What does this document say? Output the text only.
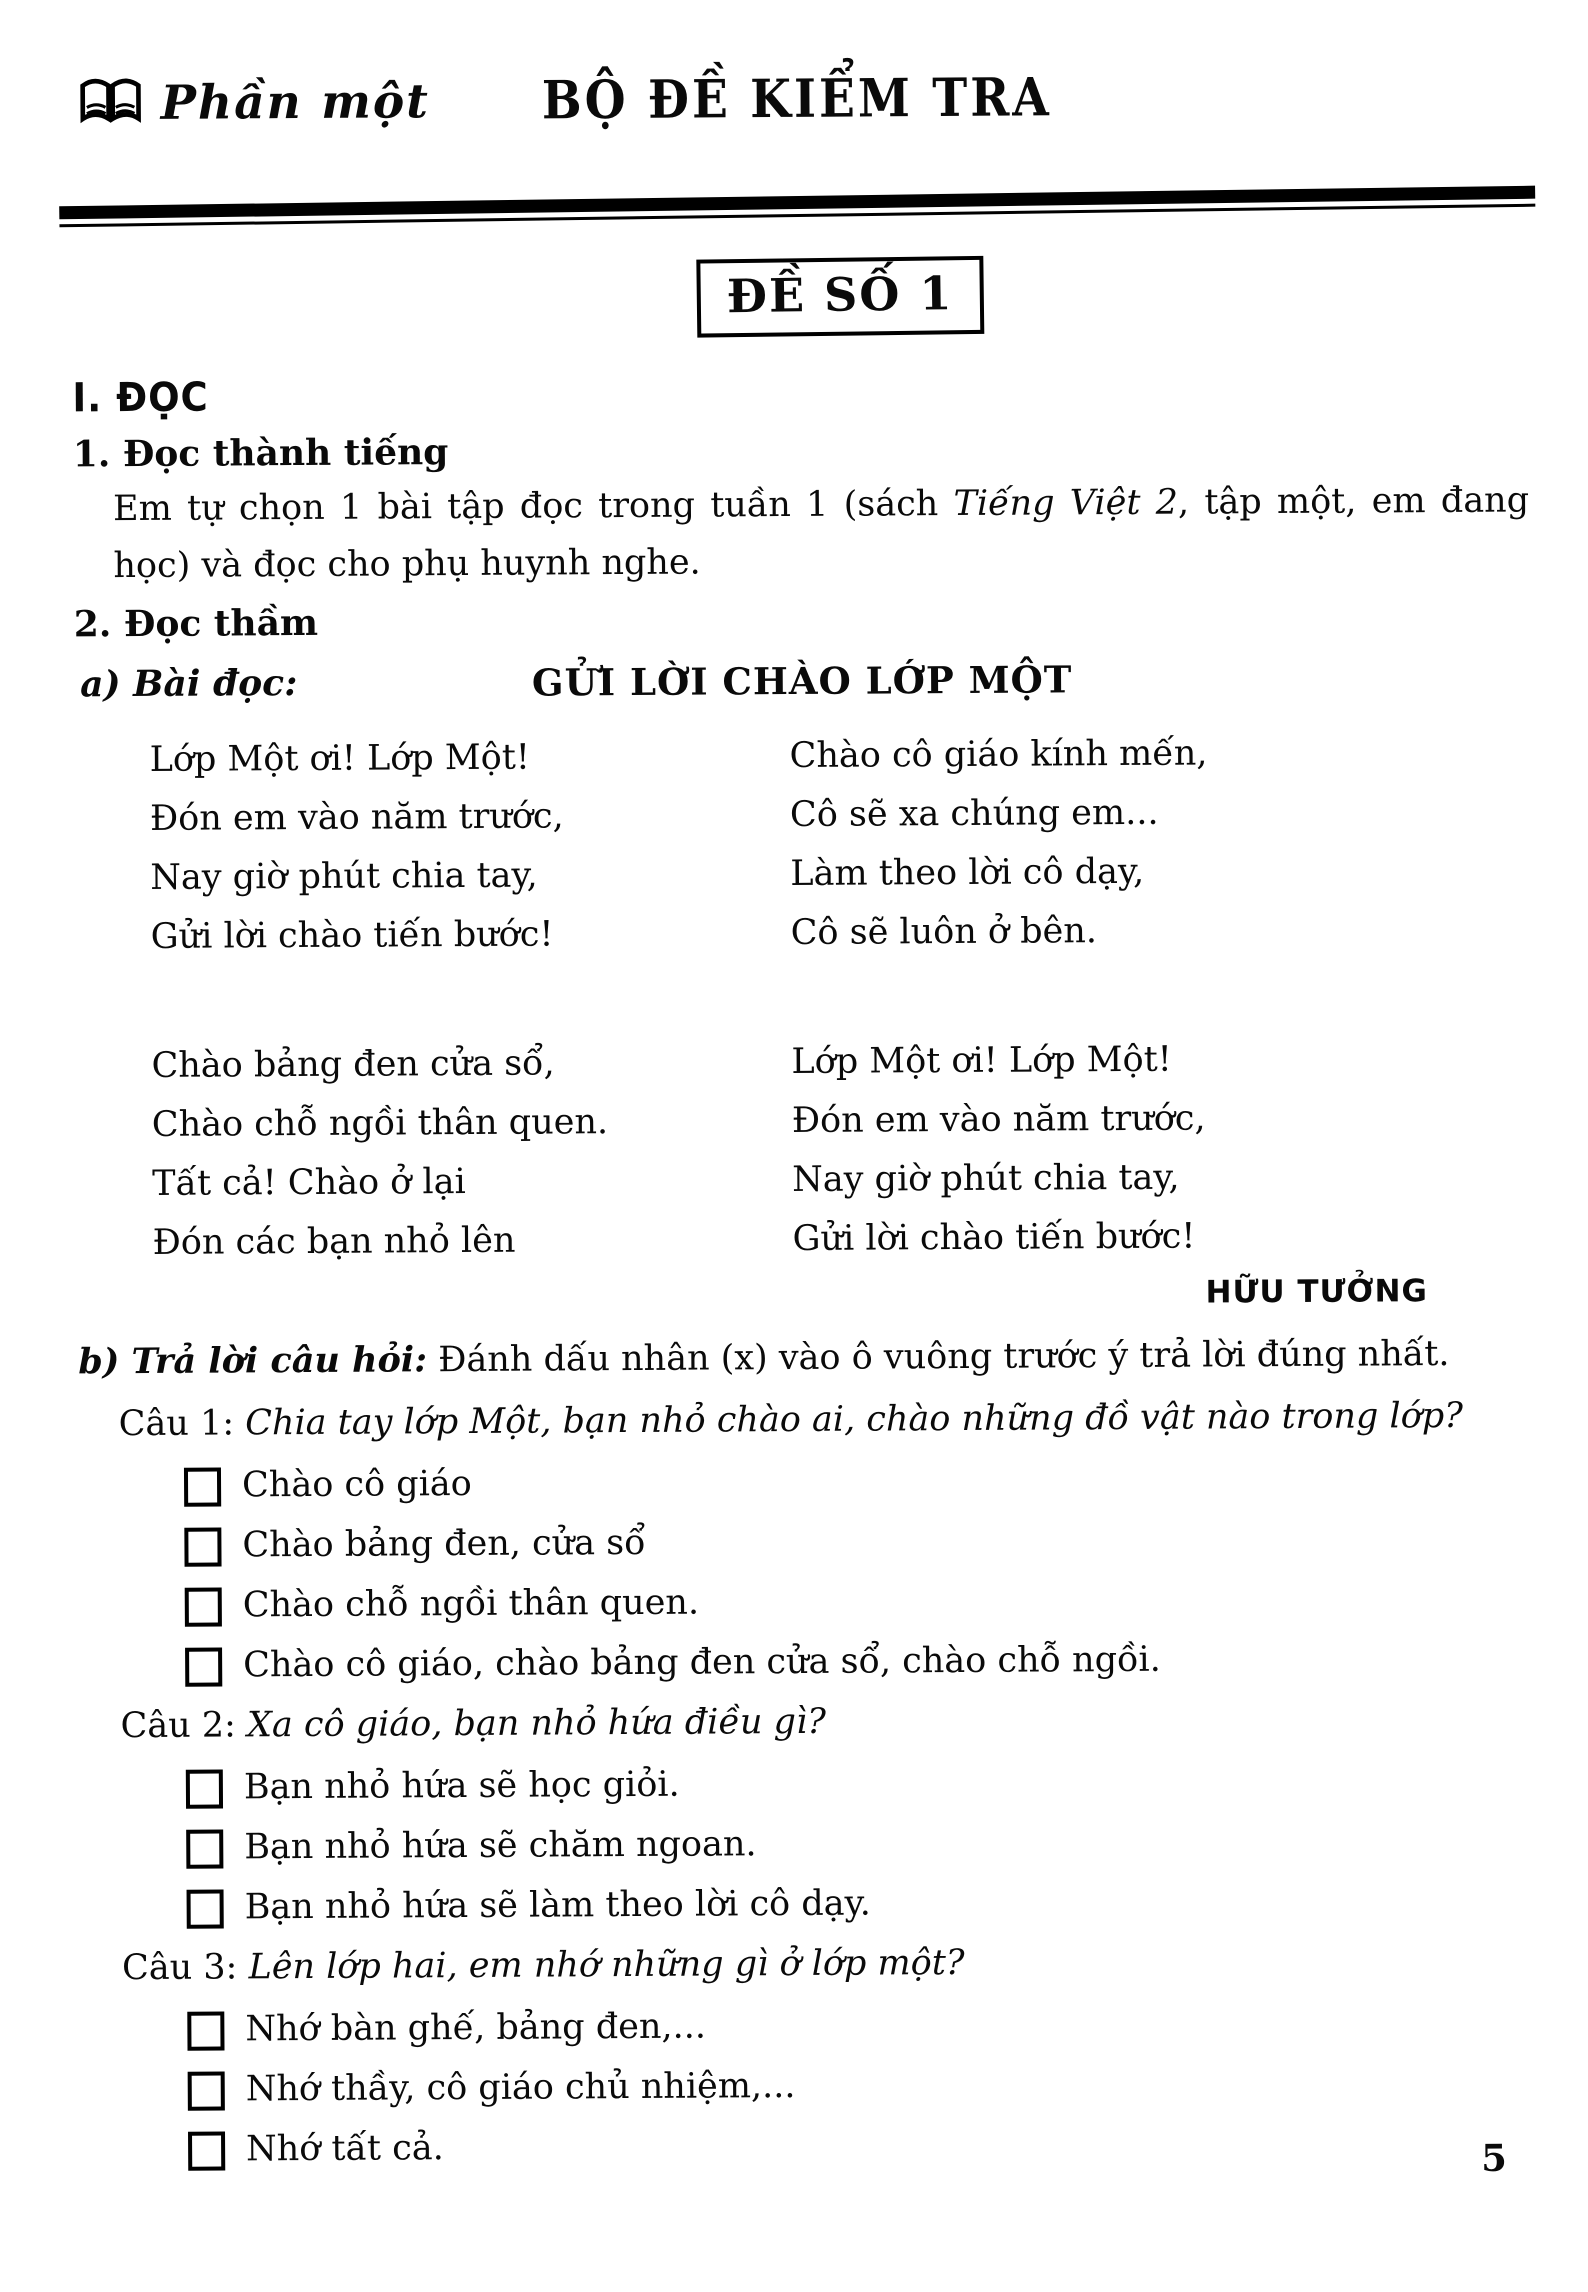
Phần một BỘ ĐỀ KIỂM TRA
ĐỀ SỐ 1
I. ĐỌC
1. Đọc thành tiếng
Em tự chọn 1 bài tập đọc trong tuần 1 (sách Tiếng Việt 2, tập một, em đang học) và đọc cho phụ huynh nghe.
2. Đọc thầm
a) Bài đọc:	GỬI LỜI CHÀO LỚP MỘT
Lớp Một ơi! Lớp Một!
Đón em vào năm trước,
Nay giờ phút chia tay,
Gửi lời chào tiến bước!
Chào cô giáo kính mến,
Cô sẽ xa chúng em...
Làm theo lời cô dạy,
Cô sẽ luôn ở bên.
Chào bảng đen cửa sổ,
Chào chỗ ngồi thân quen.
Tất cả! Chào ở lại
Đón các bạn nhỏ lên
Lớp Một ơi! Lớp Một!
Đón em vào năm trước,
Nay giờ phút chia tay,
Gửi lời chào tiến bước!
HỮU TƯỞNG
b) Trả lời câu hỏi: Đánh dấu nhân (x) vào ô vuông trước ý trả lời đúng nhất.
Câu 1: Chia tay lớp Một, bạn nhỏ chào ai, chào những đồ vật nào trong lớp?
Chào cô giáo
Chào bảng đen, cửa sổ
Chào chỗ ngồi thân quen.
Chào cô giáo, chào bảng đen cửa sổ, chào chỗ ngồi.
Câu 2: Xa cô giáo, bạn nhỏ hứa điều gì?
Bạn nhỏ hứa sẽ học giỏi.
Bạn nhỏ hứa sẽ chăm ngoan.
Bạn nhỏ hứa sẽ làm theo lời cô dạy.
Câu 3: Lên lớp hai, em nhớ những gì ở lớp một?
Nhớ bàn ghế, bảng đen,...
Nhớ thầy, cô giáo chủ nhiệm,...
Nhớ tất cả.	5
